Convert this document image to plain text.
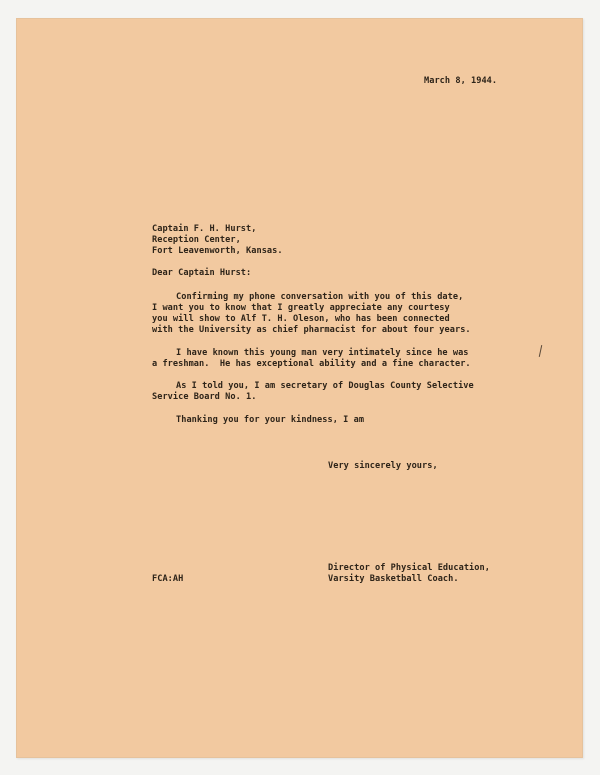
March 8, 1944.
Captain F. H. Hurst,
Reception Center,
Fort Leavenworth, Kansas.
Dear Captain Hurst:
Confirming my phone conversation with you of this date,
I want you to know that I greatly appreciate any courtesy
you will show to Alf T. H. Oleson, who has been connected
with the University as chief pharmacist for about four years.
I have known this young man very intimately since he was
a freshman.  He has exceptional ability and a fine character.
As I told you, I am secretary of Douglas County Selective
Service Board No. 1.
Thanking you for your kindness, I am
Very sincerely yours,
FCA:AH
Director of Physical Education,
Varsity Basketball Coach.
